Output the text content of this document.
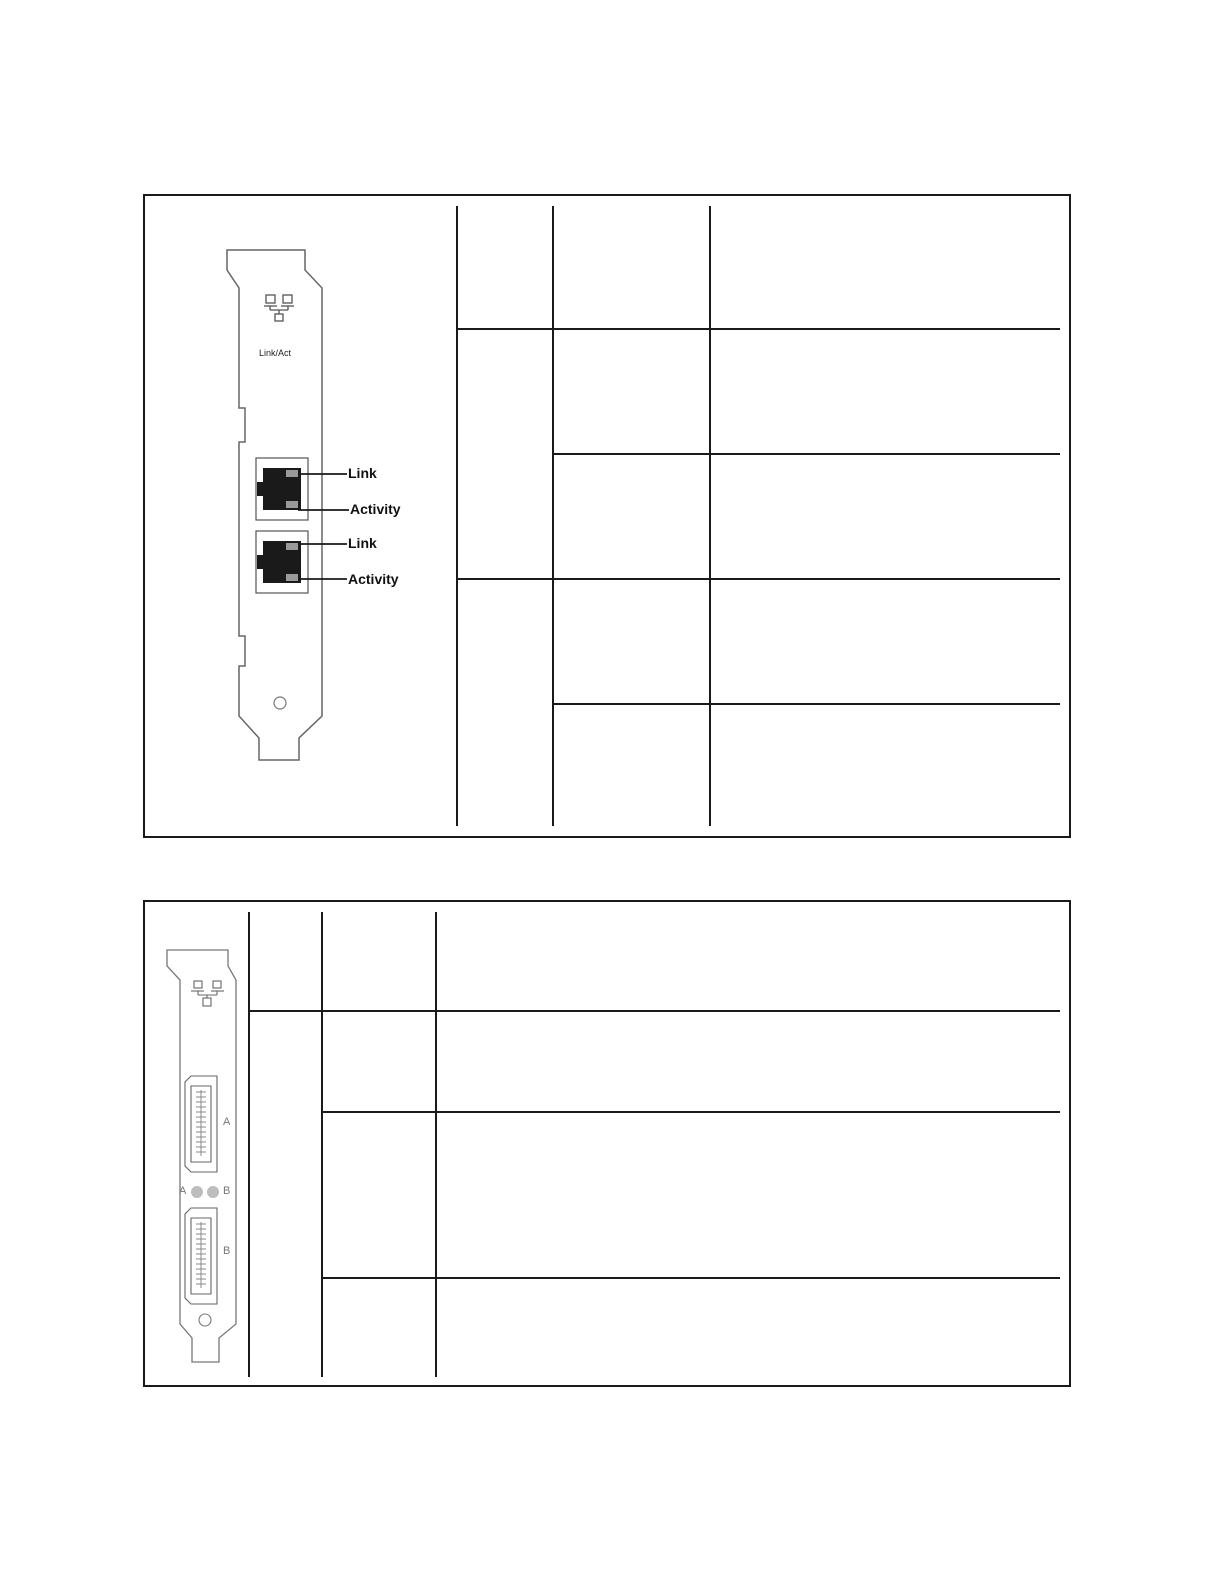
Link/Act
Link
Activity
Link
Activity
A
A	B
B
